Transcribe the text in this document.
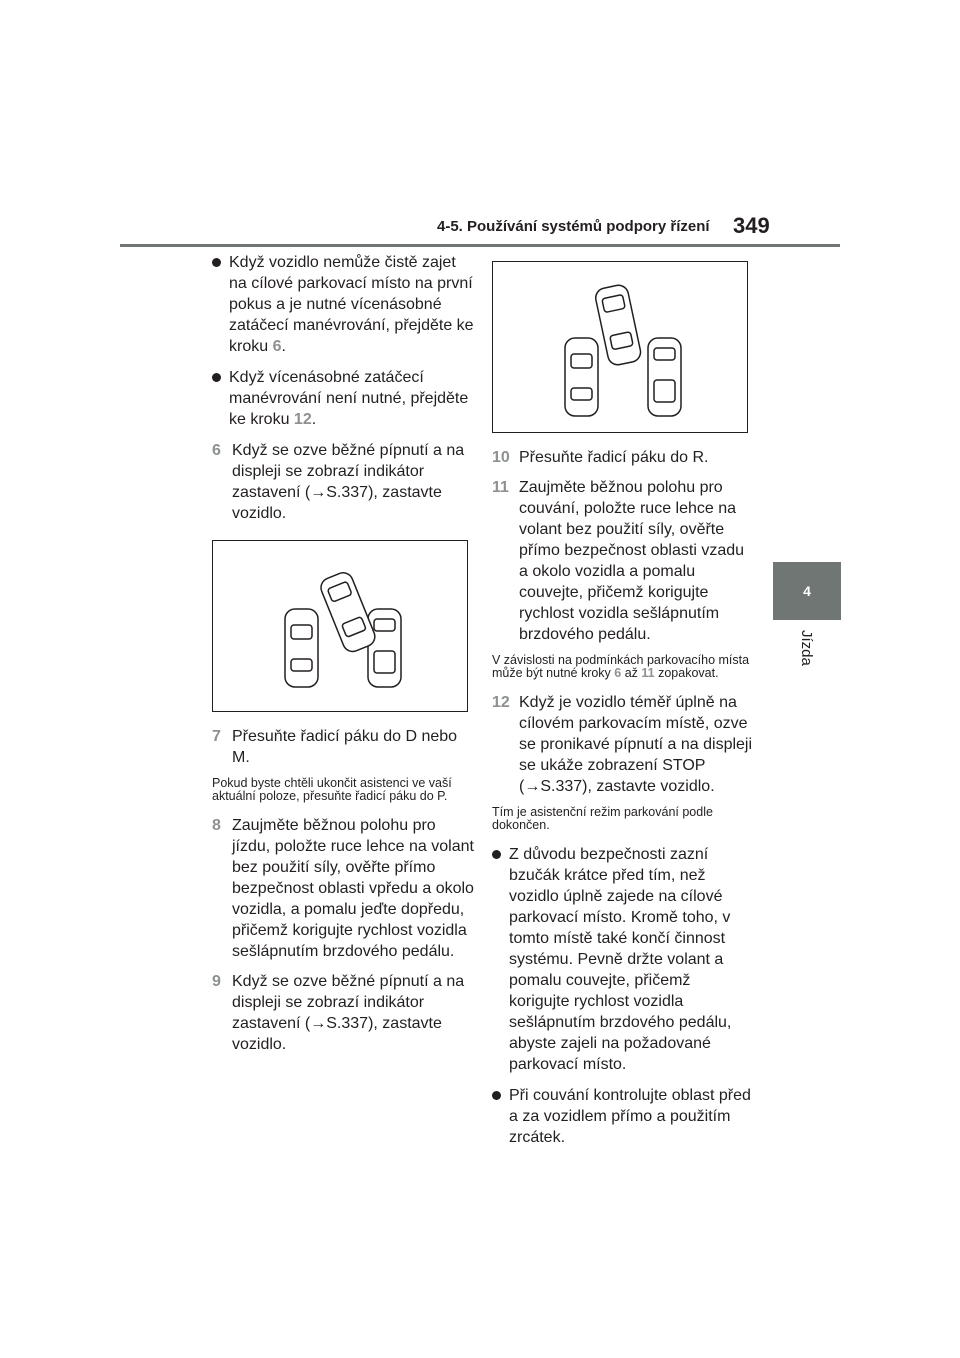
4-5. Používání systémů podpory řízení 349
4
Jízda
Když vozidlo nemůže čistě zajet na cílové parkovací místo na první pokus a je nutné vícenásobné zatáčecí manévrování, přejděte ke kroku 6.
Když vícenásobné zatáčecí manévrování není nutné, přejděte ke kroku 12.
6 Když se ozve běžné pípnutí a na displeji se zobrazí indikátor zastavení (→S.337), zastavte vozidlo.
7 Přesuňte řadicí páku do D nebo M.
Pokud byste chtěli ukončit asistenci ve vaší aktuální poloze, přesuňte řadicí páku do P.
8 Zaujměte běžnou polohu pro jízdu, položte ruce lehce na volant bez použití síly, ověřte přímo bezpečnost oblasti vpředu a okolo vozidla, a pomalu jeďte dopředu, přičemž korigujte rychlost vozidla sešlápnutím brzdového pedálu.
9 Když se ozve běžné pípnutí a na displeji se zobrazí indikátor zastavení (→S.337), zastavte vozidlo.
10 Přesuňte řadicí páku do R.
11 Zaujměte běžnou polohu pro couvání, položte ruce lehce na volant bez použití síly, ověřte přímo bezpečnost oblasti vzadu a okolo vozidla a pomalu couvejte, přičemž korigujte rychlost vozidla sešlápnutím brzdového pedálu.
V závislosti na podmínkách parkovacího místa může být nutné kroky 6 až 11 zopakovat.
12 Když je vozidlo téměř úplně na cílovém parkovacím místě, ozve se pronikavé pípnutí a na displeji se ukáže zobrazení STOP (→S.337), zastavte vozidlo.
Tím je asistenční režim parkování podle dokončen.
Z důvodu bezpečnosti zazní bzučák krátce před tím, než vozidlo úplně zajede na cílové parkovací místo. Kromě toho, v tomto místě také končí činnost systému. Pevně držte volant a pomalu couvejte, přičemž korigujte rychlost vozidla sešlápnutím brzdového pedálu, abyste zajeli na požadované parkovací místo.
Při couvání kontrolujte oblast před a za vozidlem přímo a použitím zrcátek.
